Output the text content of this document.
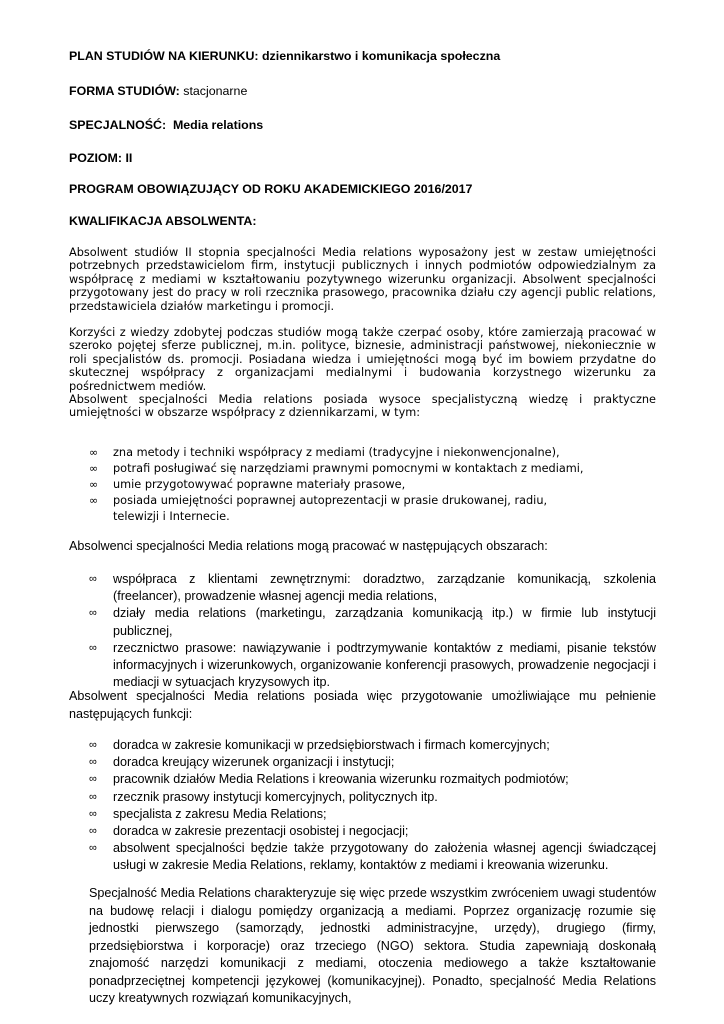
PLAN STUDIÓW NA KIERUNKU: dziennikarstwo i komunikacja społeczna
FORMA STUDIÓW: stacjonarne
SPECJALNOŚĆ: Media relations
POZIOM: II
PROGRAM OBOWIĄZUJĄCY OD ROKU AKADEMICKIEGO 2016/2017
KWALIFIKACJA ABSOLWENTA:

Absolwent studiów II stopnia specjalności Media relations wyposażony jest w zestaw umiejętności potrzebnych przedstawicielom firm, instytucji publicznych i innych podmiotów odpowiedzialnym za współpracę z mediami w kształtowaniu pozytywnego wizerunku organizacji. Absolwent specjalności przygotowany jest do pracy w roli rzecznika prasowego, pracownika działu czy agencji public relations, przedstawiciela działów marketingu i promocji.

Korzyści z wiedzy zdobytej podczas studiów mogą także czerpać osoby, które zamierzają pracować w szeroko pojętej sferze publicznej, m.in. polityce, biznesie, administracji państwowej, niekoniecznie w roli specjalistów ds. promocji. Posiadana wiedza i umiejętności mogą być im bowiem przydatne do skutecznej współpracy z organizacjami medialnymi i budowania korzystnego wizerunku za pośrednictwem mediów.

Absolwent specjalności Media relations posiada wysoce specjalistyczną wiedzę i praktyczne umiejętności w obszarze współpracy z dziennikarzami, w tym:

∞ zna metody i techniki współpracy z mediami (tradycyjne i niekonwencjonalne),
∞ potrafi posługiwać się narzędziami prawnymi pomocnymi w kontaktach z mediami,
∞ umie przygotowywać poprawne materiały prasowe,
∞ posiada umiejętności poprawnej autoprezentacji w prasie drukowanej, radiu, telewizji i Internecie.

Absolwenci specjalności Media relations mogą pracować w następujących obszarach:

∞ współpraca z klientami zewnętrznymi: doradztwo, zarządzanie komunikacją, szkolenia (freelancer), prowadzenie własnej agencji media relations,
∞ działy media relations (marketingu, zarządzania komunikacją itp.) w firmie lub instytucji publicznej,
∞ rzecznictwo prasowe: nawiązywanie i podtrzymywanie kontaktów z mediami, pisanie tekstów informacyjnych i wizerunkowych, organizowanie konferencji prasowych, prowadzenie negocjacji i mediacji w sytuacjach kryzysowych itp.

Absolwent specjalności Media relations posiada więc przygotowanie umożliwiające mu pełnienie następujących funkcji:

∞ doradca w zakresie komunikacji w przedsiębiorstwach i firmach komercyjnych;
∞ doradca kreujący wizerunek organizacji i instytucji;
∞ pracownik działów Media Relations i kreowania wizerunku rozmaitych podmiotów;
∞ rzecznik prasowy instytucji komercyjnych, politycznych itp.
∞ specjalista z zakresu Media Relations;
∞ doradca w zakresie prezentacji osobistej i negocjacji;
∞ absolwent specjalności będzie także przygotowany do założenia własnej agencji świadczącej usługi w zakresie Media Relations, reklamy, kontaktów z mediami i kreowania wizerunku.

Specjalność Media Relations charakteryzuje się więc przede wszystkim zwróceniem uwagi studentów na budowę relacji i dialogu pomiędzy organizacją a mediami. Poprzez organizację rozumie się jednostki pierwszego (samorządy, jednostki administracyjne, urzędy), drugiego (firmy, przedsiębiorstwa i korporacje) oraz trzeciego (NGO) sektora. Studia zapewniają doskonałą znajomość narzędzi komunikacji z mediami, otoczenia mediowego a także kształtowanie ponadprzeciętnej kompetencji językowej (komunikacyjnej). Ponadto, specjalność Media Relations uczy kreatywnych rozwiązań komunikacyjnych,
